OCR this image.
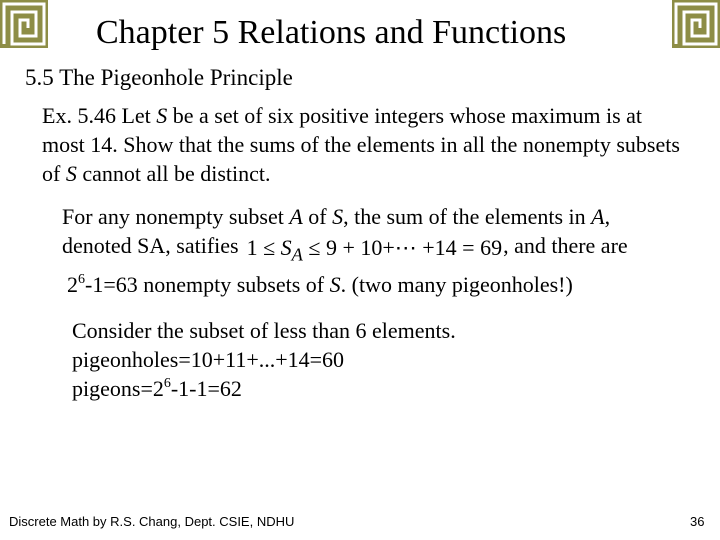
Chapter 5 Relations and Functions
5.5 The Pigeonhole Principle
Ex. 5.46 Let S be a set of six positive integers whose maximum is at most 14. Show that the sums of the elements in all the nonempty subsets of S cannot all be distinct.
For any nonempty subset A of S, the sum of the elements in A,
denoted SA, satifies $1 \le S_A \le 9$ + 10+⋯ +14 = 69, and there are
$2^6-1=63$ nonempty subsets of S. (two many pigeonholes!)
Consider the subset of less than 6 elements.
pigeonholes=10+11+...+14=60
$pigeons=2^6-1-1=62$
Discrete Math by R.S. Chang, Dept. CSIE, NDHU	36
